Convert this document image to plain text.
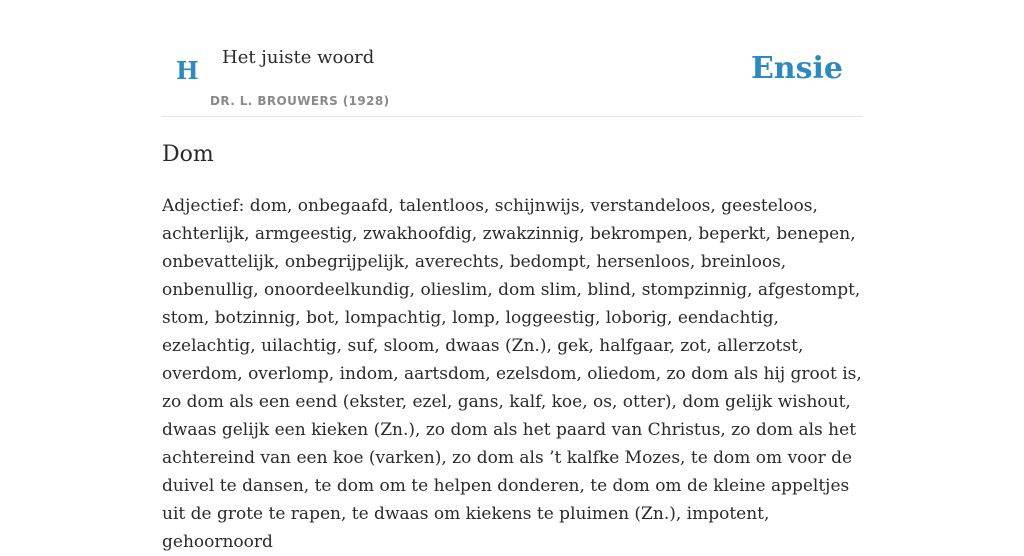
H Het juiste woord
DR. L. BROUWERS (1928)
Ensie
Dom

Adjectief: dom, onbegaafd, talentloos, schijnwijs, verstandeloos, geesteloos, achterlijk, armgeestig, zwakhoofdig, zwakzinnig, bekrompen, beperkt, benepen, onbevattelijk, onbegrijpelijk, averechts, bedompt, hersenloos, breinloos, onbenullig, onoordeelkundig, olieslim, dom slim, blind, stompzinnig, afgestompt, stom, botzinnig, bot, lompachtig, lomp, loggeestig, loborig, eendachtig, ezelachtig, uilachtig, suf, sloom, dwaas (Zn.), gek, halfgaar, zot, allerzotst, overdom, overlomp, indom, aartsdom, ezelsdom, oliedom, zo dom als hij groot is, zo dom als een eend (ekster, ezel, gans, kalf, koe, os, otter), dom gelijk wishout, dwaas gelijk een kieken (Zn.), zo dom als het paard van Christus, zo dom als het achtereind van een koe (varken), zo dom als ’t kalfke Mozes, te dom om voor de duivel te dansen, te dom om te helpen donderen, te dom om de kleine appeltjes uit de grote te rapen, te dwaas om kiekens te pluimen (Zn.), impotent, gehoornoord
